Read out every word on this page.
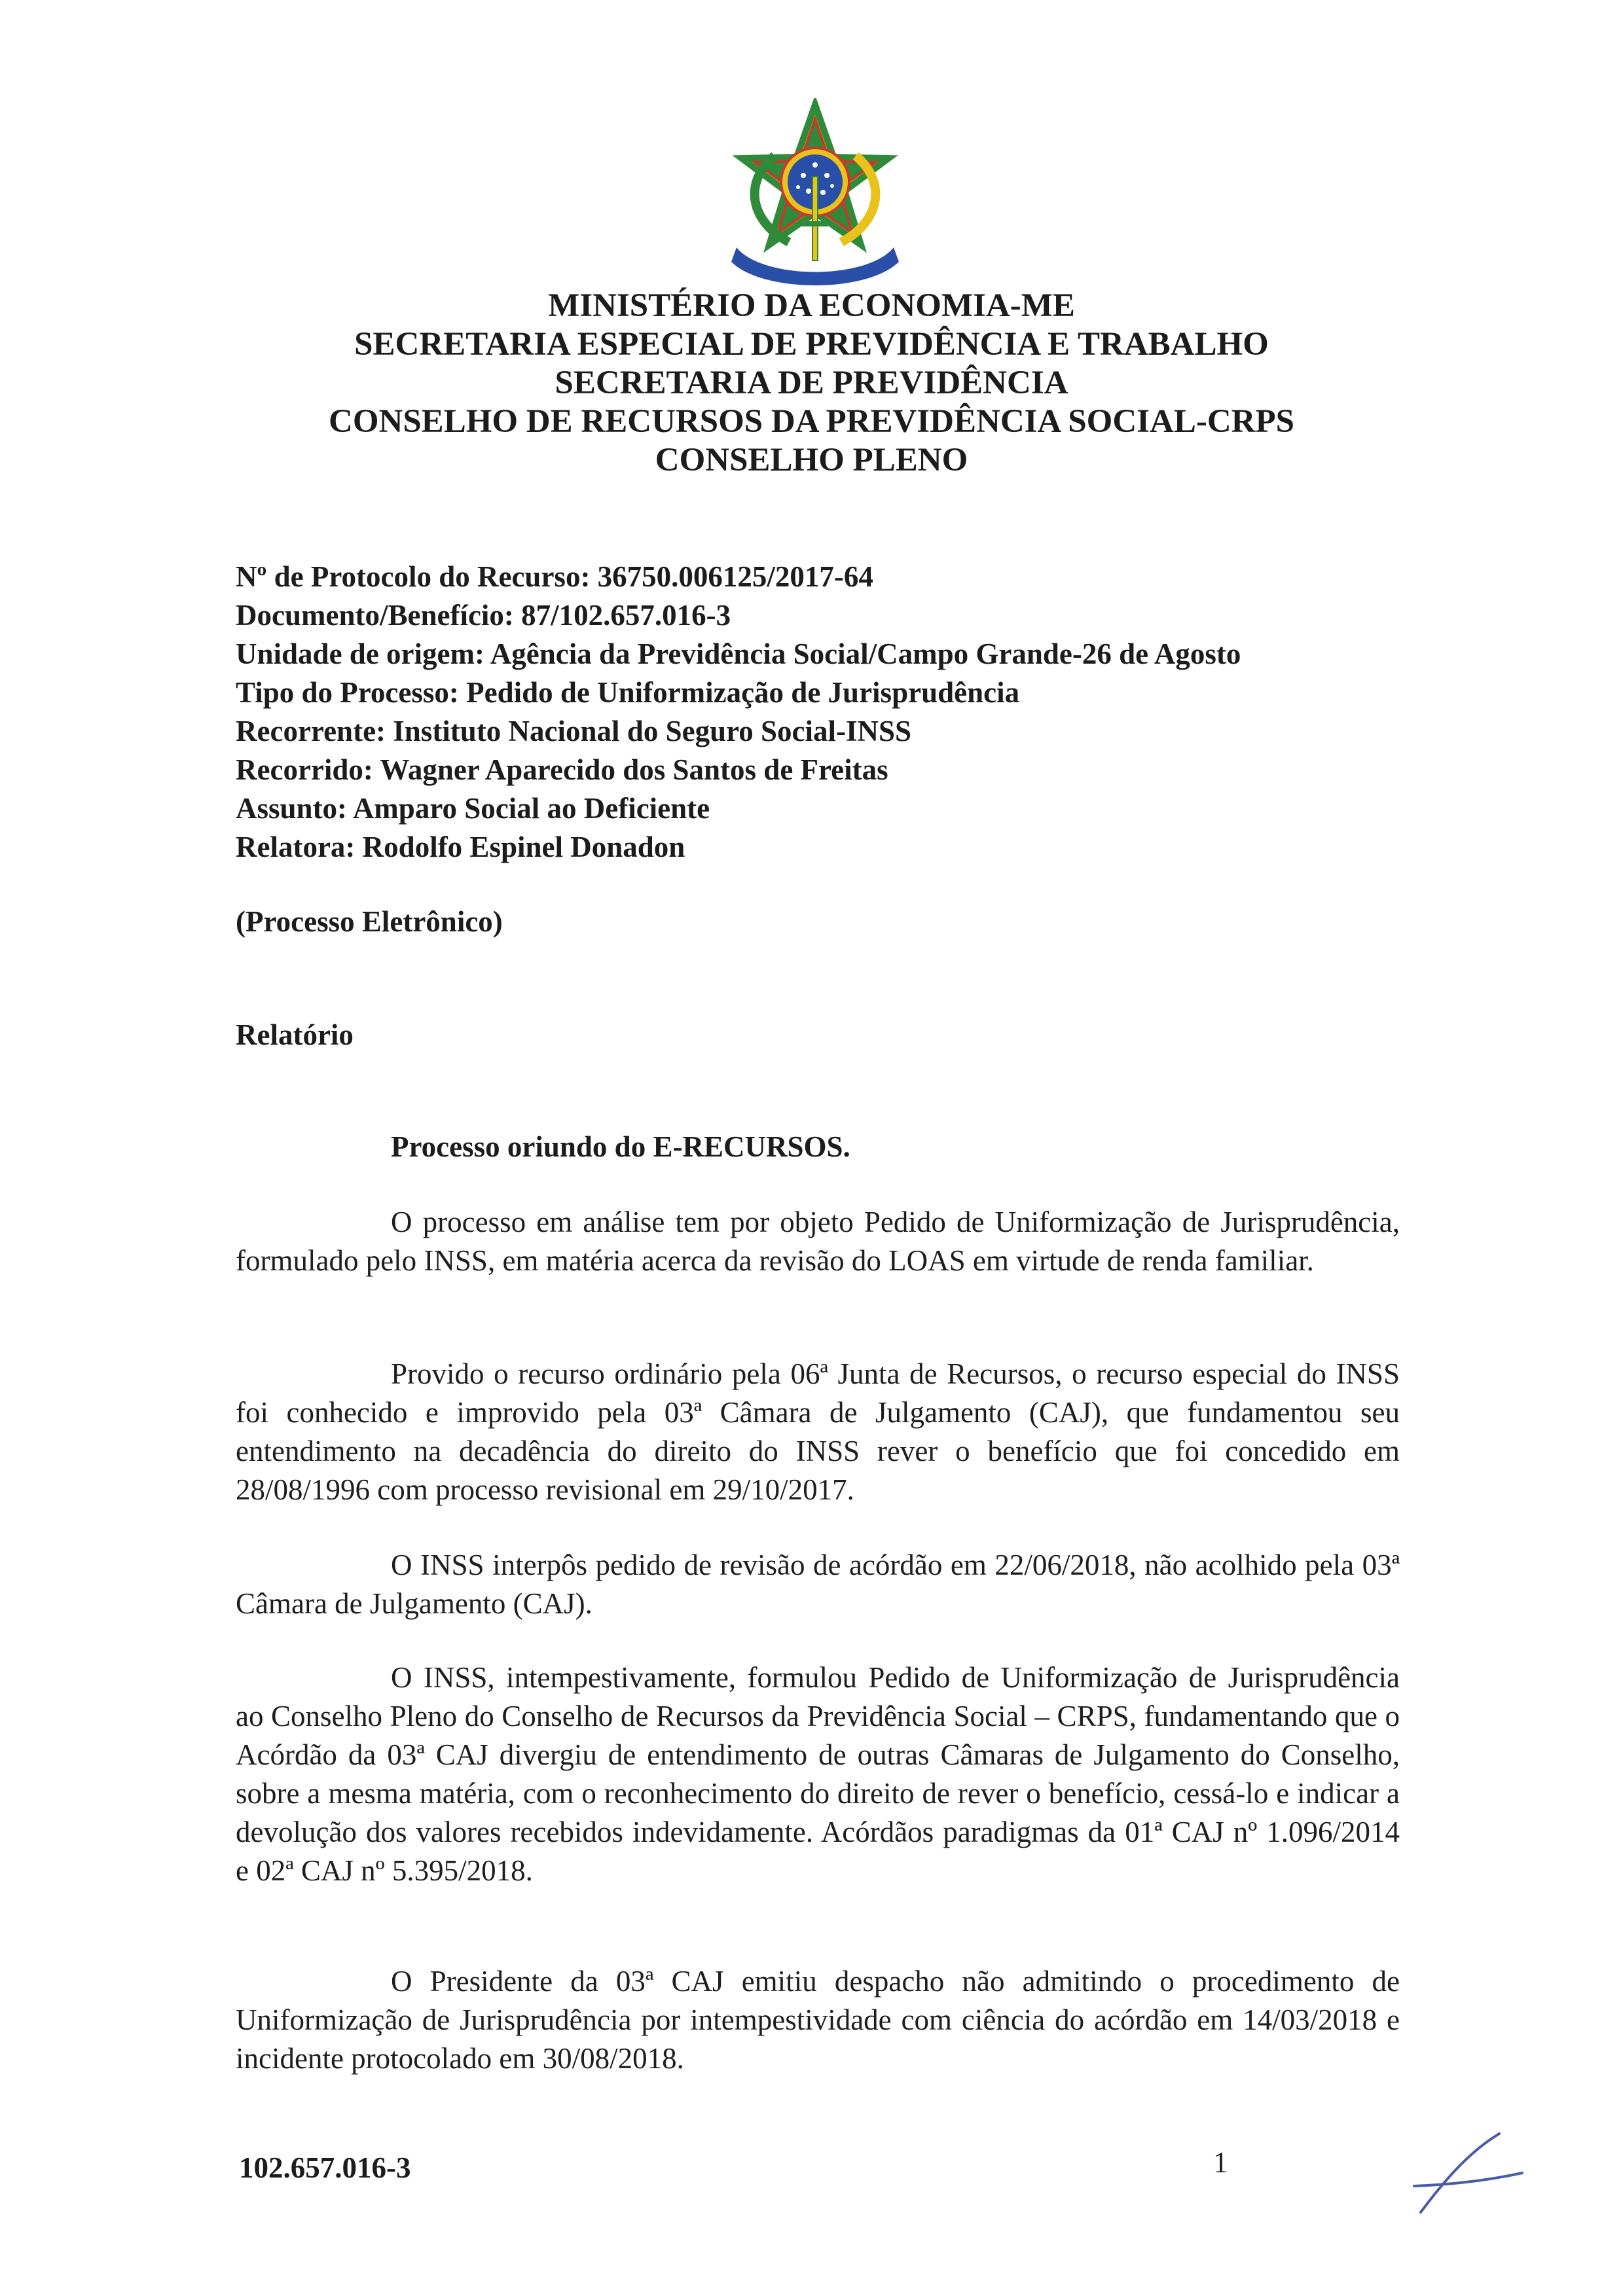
MINISTÉRIO DA ECONOMIA-ME
SECRETARIA ESPECIAL DE PREVIDÊNCIA E TRABALHO
SECRETARIA DE PREVIDÊNCIA
CONSELHO DE RECURSOS DA PREVIDÊNCIA SOCIAL-CRPS
CONSELHO PLENO
Nº de Protocolo do Recurso: 36750.006125/2017-64
Documento/Benefício: 87/102.657.016-3
Unidade de origem: Agência da Previdência Social/Campo Grande-26 de Agosto
Tipo do Processo: Pedido de Uniformização de Jurisprudência
Recorrente: Instituto Nacional do Seguro Social-INSS
Recorrido: Wagner Aparecido dos Santos de Freitas
Assunto: Amparo Social ao Deficiente
Relatora: Rodolfo Espinel Donadon
(Processo Eletrônico)
Relatório
Processo oriundo do E-RECURSOS.

O processo em análise tem por objeto Pedido de Uniformização de Jurisprudência, formulado pelo INSS, em matéria acerca da revisão do LOAS em virtude de renda familiar.

Provido o recurso ordinário pela 06ª Junta de Recursos, o recurso especial do INSS foi conhecido e improvido pela 03ª Câmara de Julgamento (CAJ), que fundamentou seu entendimento na decadência do direito do INSS rever o benefício que foi concedido em 28/08/1996 com processo revisional em 29/10/2017.

O INSS interpôs pedido de revisão de acórdão em 22/06/2018, não acolhido pela 03ª Câmara de Julgamento (CAJ).

O INSS, intempestivamente, formulou Pedido de Uniformização de Jurisprudência ao Conselho Pleno do Conselho de Recursos da Previdência Social – CRPS, fundamentando que o Acórdão da 03ª CAJ divergiu de entendimento de outras Câmaras de Julgamento do Conselho, sobre a mesma matéria, com o reconhecimento do direito de rever o benefício, cessá-lo e indicar a devolução dos valores recebidos indevidamente. Acórdãos paradigmas da 01ª CAJ nº 1.096/2014 e 02ª CAJ nº 5.395/2018.

O Presidente da 03ª CAJ emitiu despacho não admitindo o procedimento de Uniformização de Jurisprudência por intempestividade com ciência do acórdão em 14/03/2018 e incidente protocolado em 30/08/2018.

102.657.016-3	1
